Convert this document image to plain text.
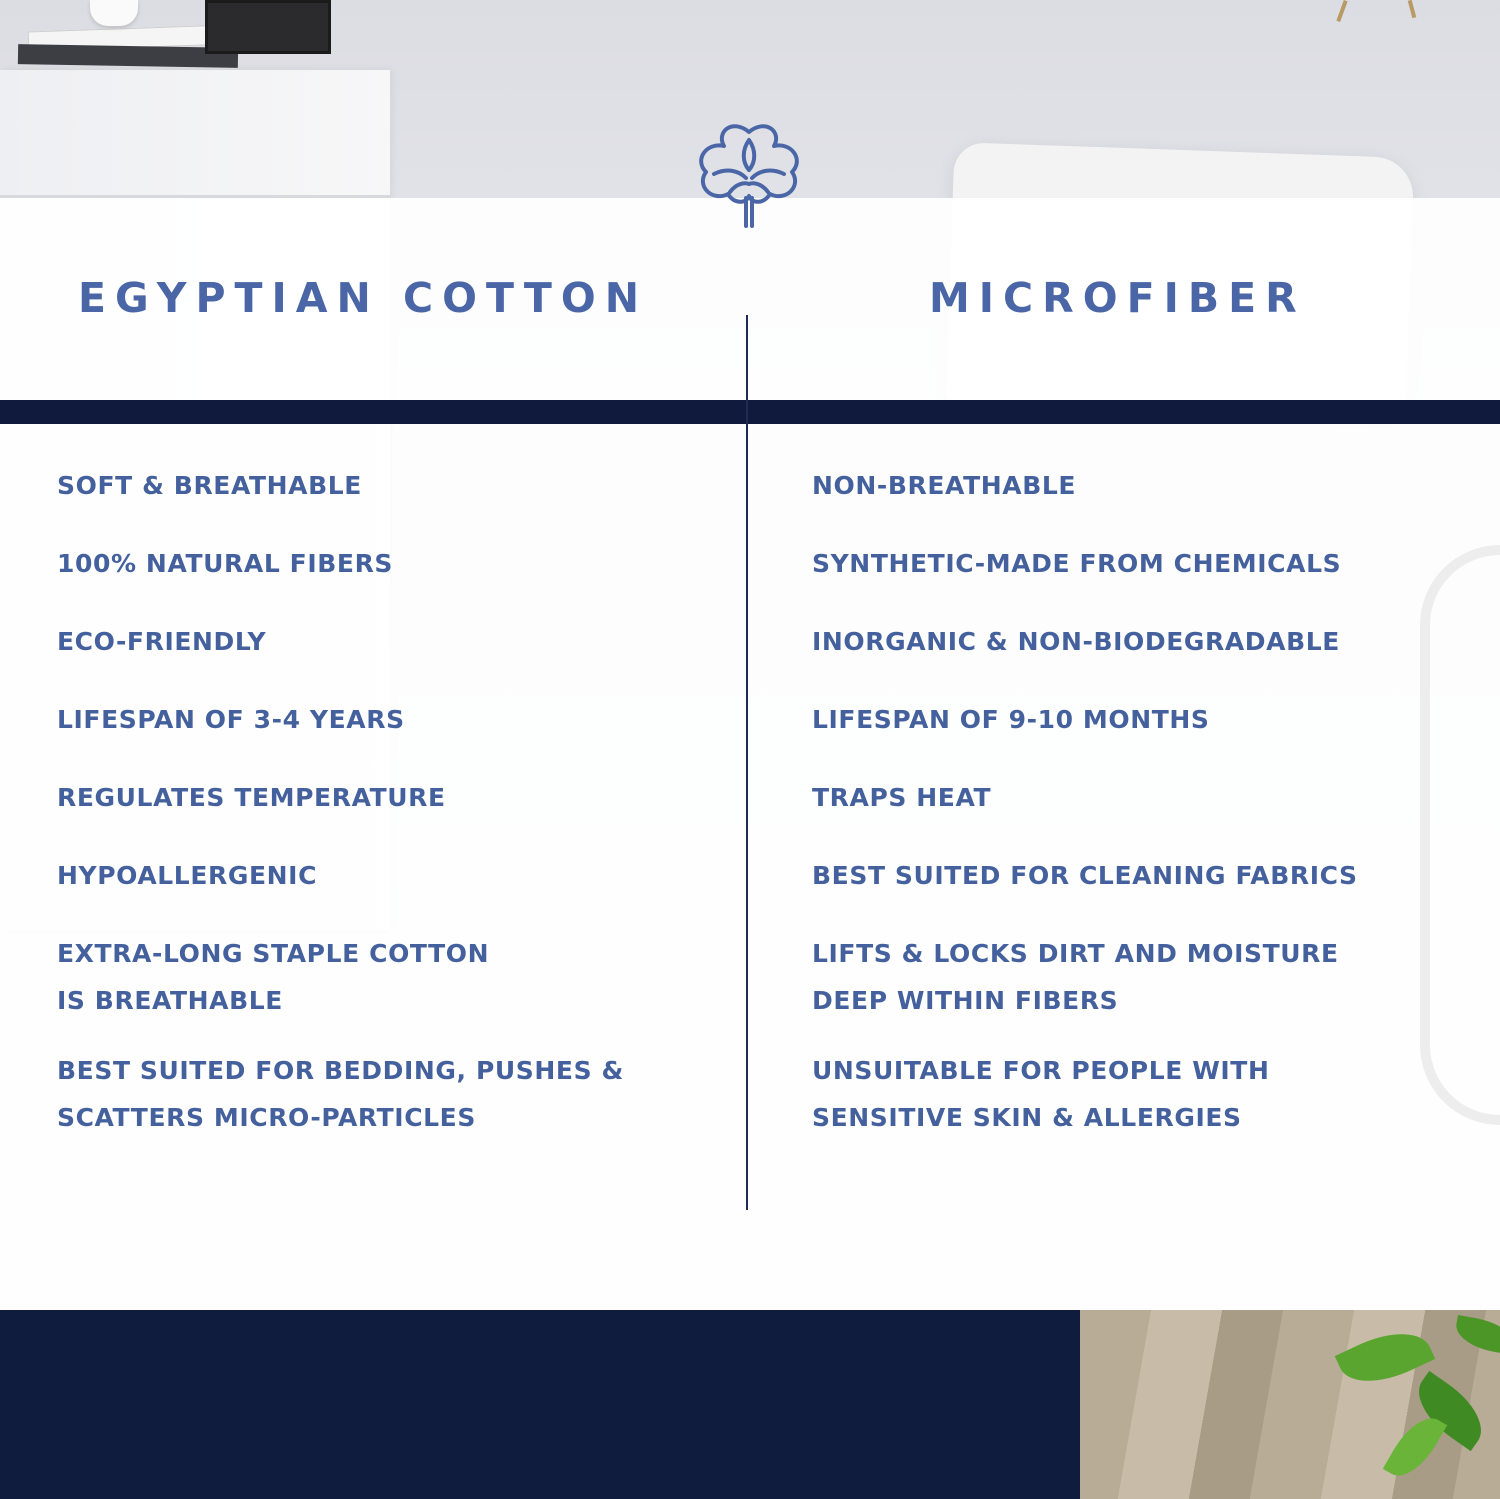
EGYPTIAN COTTON	MICROFIBER
SOFT & BREATHABLE
100% NATURAL FIBERS
ECO-FRIENDLY
LIFESPAN OF 3-4 YEARS
REGULATES TEMPERATURE
HYPOALLERGENIC
EXTRA-LONG STAPLE COTTON
IS BREATHABLE
BEST SUITED FOR BEDDING, PUSHES &
SCATTERS MICRO-PARTICLES
NON-BREATHABLE
SYNTHETIC-MADE FROM CHEMICALS
INORGANIC & NON-BIODEGRADABLE
LIFESPAN OF 9-10 MONTHS
TRAPS HEAT
BEST SUITED FOR CLEANING FABRICS
LIFTS & LOCKS DIRT AND MOISTURE
DEEP WITHIN FIBERS
UNSUITABLE FOR PEOPLE WITH
SENSITIVE SKIN & ALLERGIES
